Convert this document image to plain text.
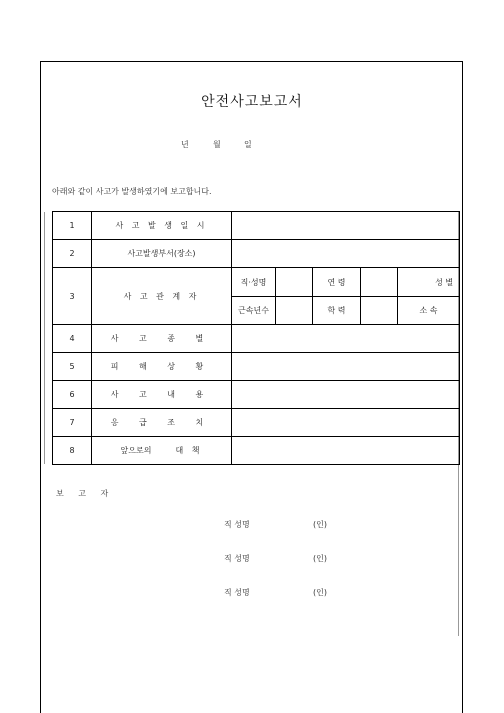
안전사고보고서
년	월	일
아래와 같이 사고가 발생하였기에 보고합니다.
1	사 고 발 생 일 시					
2	사고발생부서(장소)					
3	사 고 관 계 자	직·성명		연 령		성 별
		근속년수		학 력		소 속
4	사 고 종 별					
5	피 해 상 황					
6	사 고 내 용					
7	응 급 조 치					
8	앞으로의 대 책					
보 고 자
직 성명	(인)
직 성명	(인)
직 성명	(인)
